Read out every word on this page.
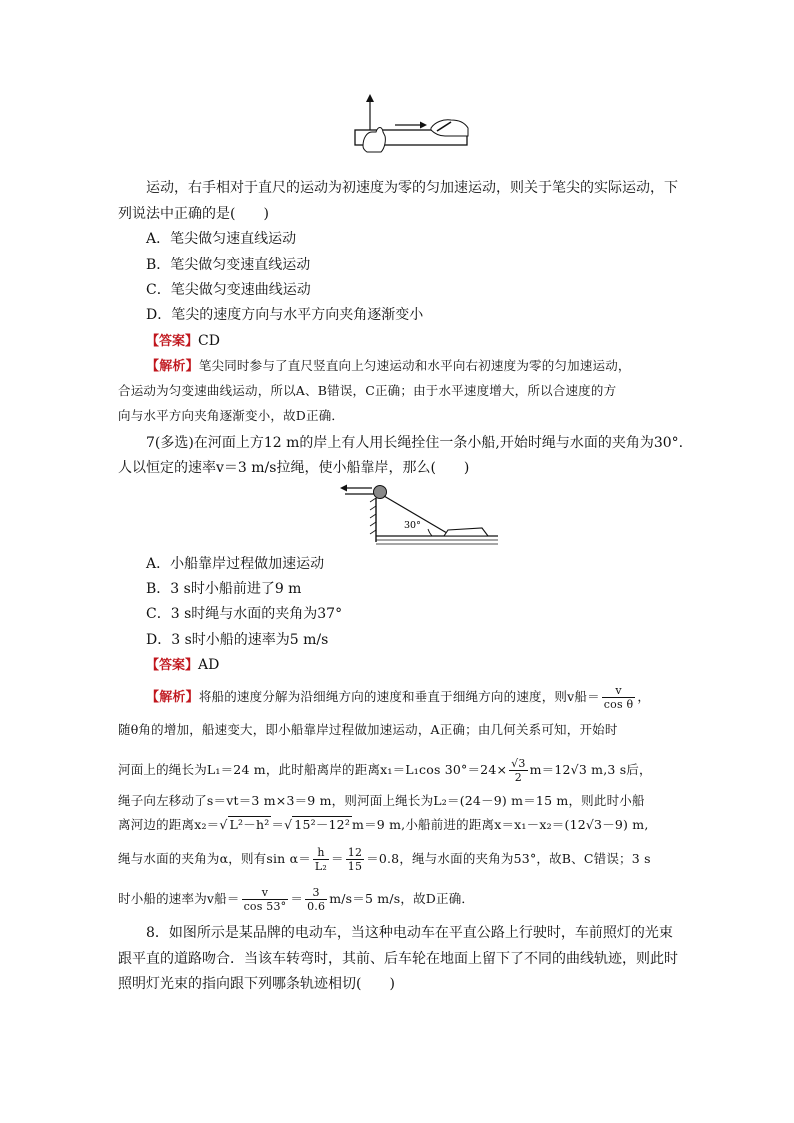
运动，右手相对于直尺的运动为初速度为零的匀加速运动，则关于笔尖的实际运动，下
列说法中正确的是(　　)
A．笔尖做匀速直线运动
B．笔尖做匀变速直线运动
C．笔尖做匀变速曲线运动
D．笔尖的速度方向与水平方向夹角逐渐变小
【答案】CD
【解析】笔尖同时参与了直尺竖直向上匀速运动和水平向右初速度为零的匀加速运动，
合运动为匀变速曲线运动，所以A、B错误，C正确；由于水平速度增大，所以合速度的方
向与水平方向夹角逐渐变小，故D正确．
7(多选)在河面上方12 m的岸上有人用长绳拴住一条小船,开始时绳与水面的夹角为30°.
人以恒定的速率v＝3 m/s拉绳，使小船靠岸，那么(　　)
30°
A．小船靠岸过程做加速运动
B．3 s时小船前进了9 m
C．3 s时绳与水面的夹角为37°
D．3 s时小船的速率为5 m/s
【答案】AD
【解析】将船的速度分解为沿细绳方向的速度和垂直于细绳方向的速度，则v船＝ $\frac{v}{\text{cos θ}}$ ，
随θ角的增加，船速变大，即小船靠岸过程做加速运动，A正确；由几何关系可知，开始时
河面上的绳长为L₁＝24 m，此时船离岸的距离x₁＝L₁cos $30^\circ=24\times \frac{√3}{2} m=12√3$ m,3 s后，
绳子向左移动了s＝vt＝3 m×3＝9 m，则河面上绳长为L₂＝(24－9) m＝15 m，则此时小船
离河边的距离x₂＝√ L²－h² ＝√ 15²－12² m＝9 m,小船前进的距离x＝x₁－x₂＝(12√3－9) m,
绳与水面的夹角为α，则有$\sin \alpha= \frac{h}{\text{L₂}} = \frac{12}{15} =0.8$，绳与水面的夹角为53°，故B、C错误；3 s
时小船的速率为v船＝ $\frac{v}{\cos 53^\circ} = \frac{3}{0.6} m/s=5$ m/s，故D正确．
8．如图所示是某品牌的电动车，当这种电动车在平直公路上行驶时，车前照灯的光束
跟平直的道路吻合．当该车转弯时，其前、后车轮在地面上留下了不同的曲线轨迹，则此时
照明灯光束的指向跟下列哪条轨迹相切(　　)
